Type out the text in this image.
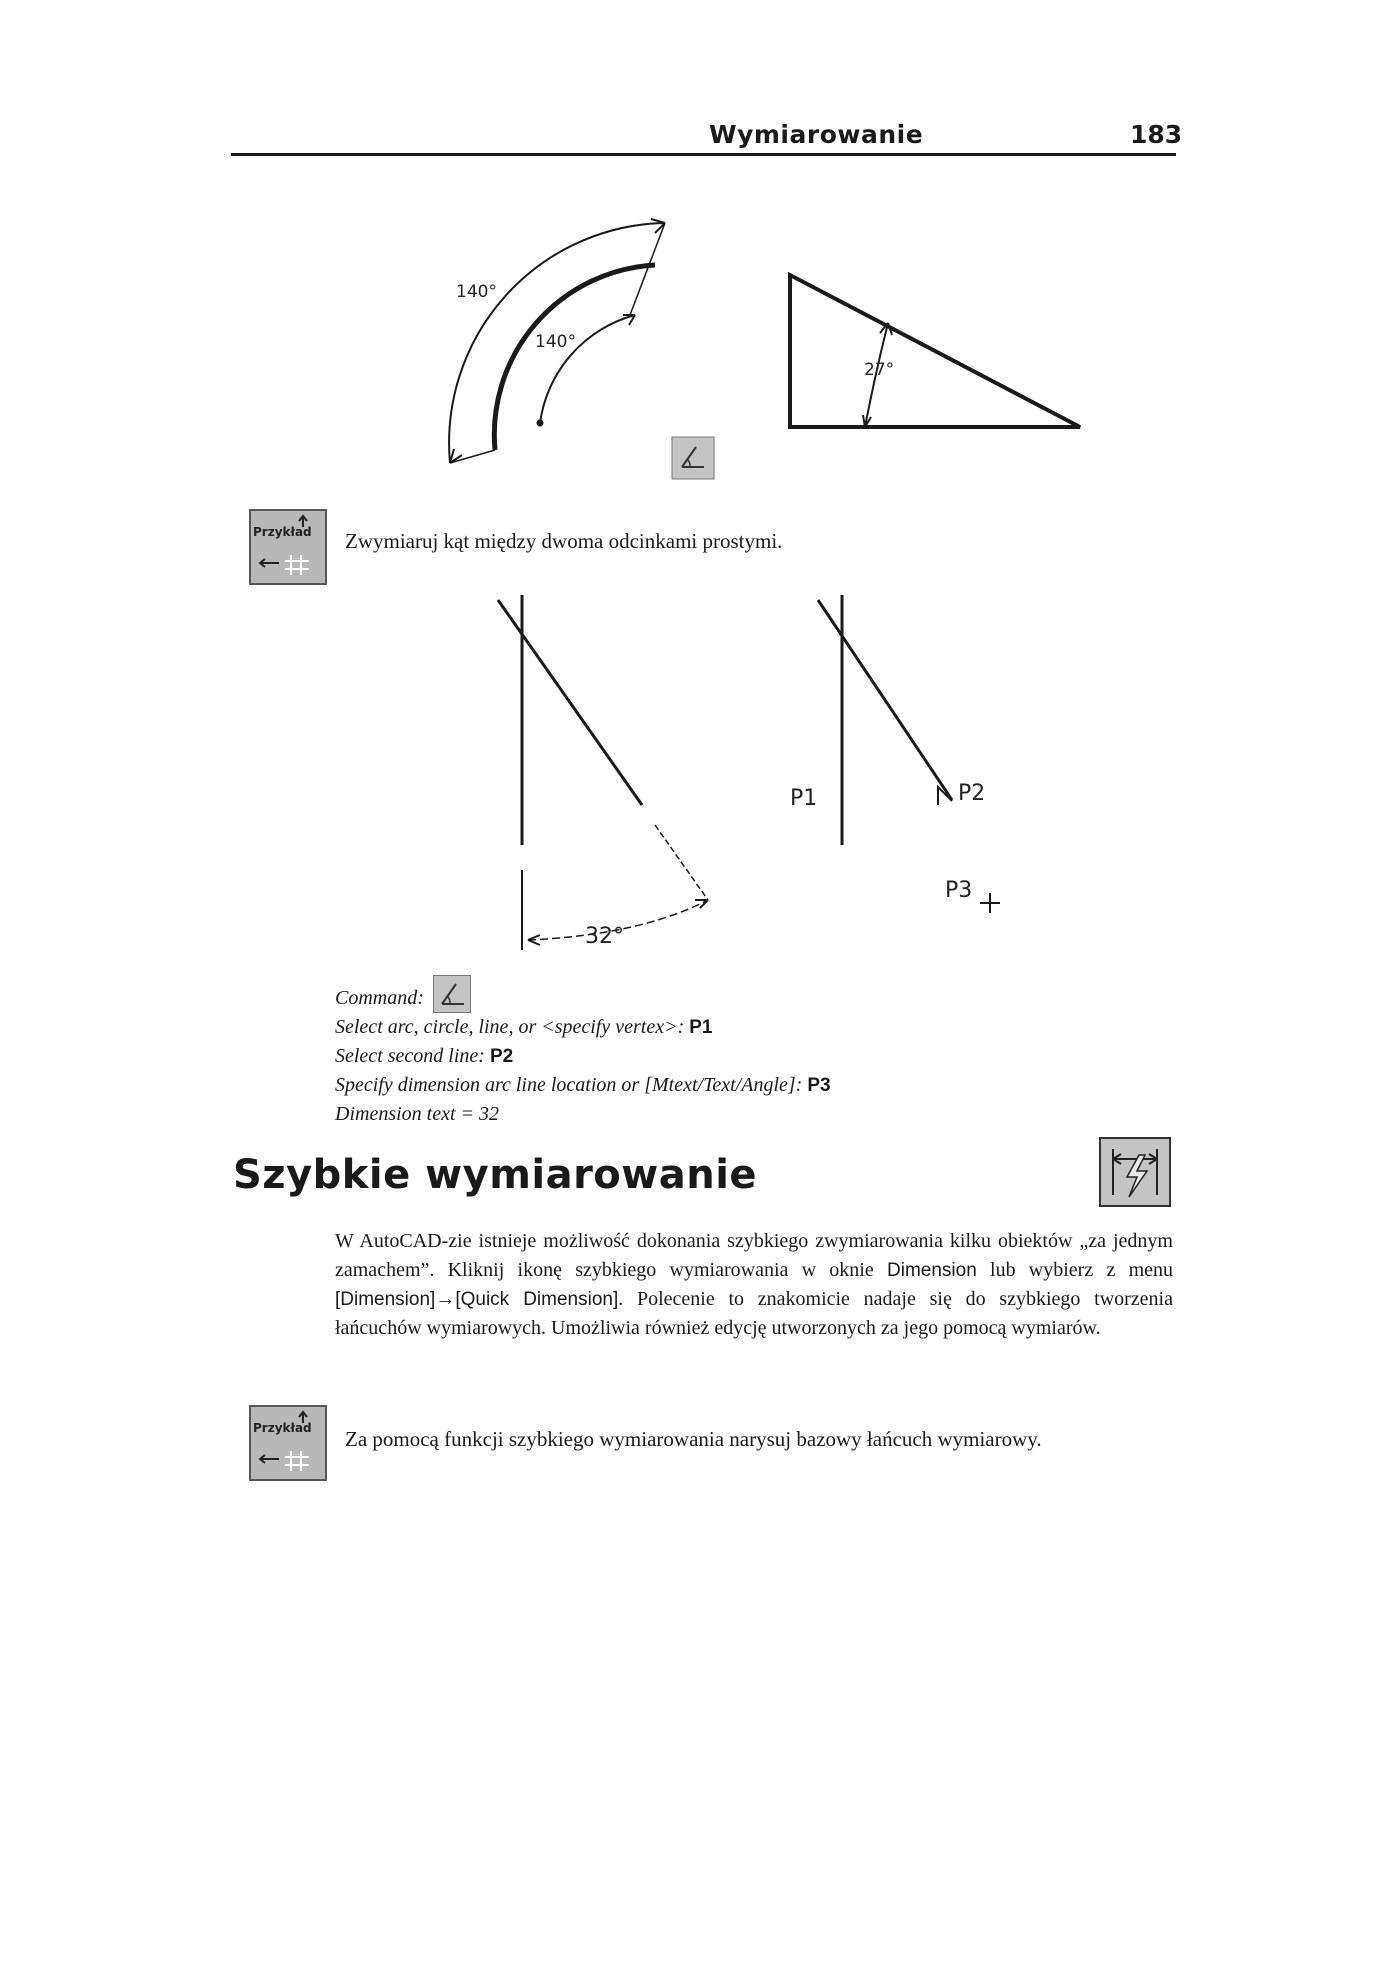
Wymiarowanie	183
140°
140°
27°
Przykład Zwymiaruj kąt między dwoma odcinkami prostymi.
32°
P1	P2
P3
Command:
Select arc, circle, line, or <specify vertex>: P1
Select second line: P2
Specify dimension arc line location or [Mtext/Text/Angle]: P3
Dimension text = 32
Szybkie wymiarowanie
W AutoCAD-zie istnieje możliwość dokonania szybkiego zwymiarowania kilku obiektów „za jednym zamachem”. Kliknij ikonę szybkiego wymiarowania w oknie Dimension lub wybierz z menu [Dimension]→[Quick Dimension]. Polecenie to znakomicie nadaje się do szybkiego tworzenia łańcuchów wymiarowych. Umożliwia również edycję utworzonych za jego pomocą wymiarów.
Przykład Za pomocą funkcji szybkiego wymiarowania narysuj bazowy łańcuch wymiarowy.
